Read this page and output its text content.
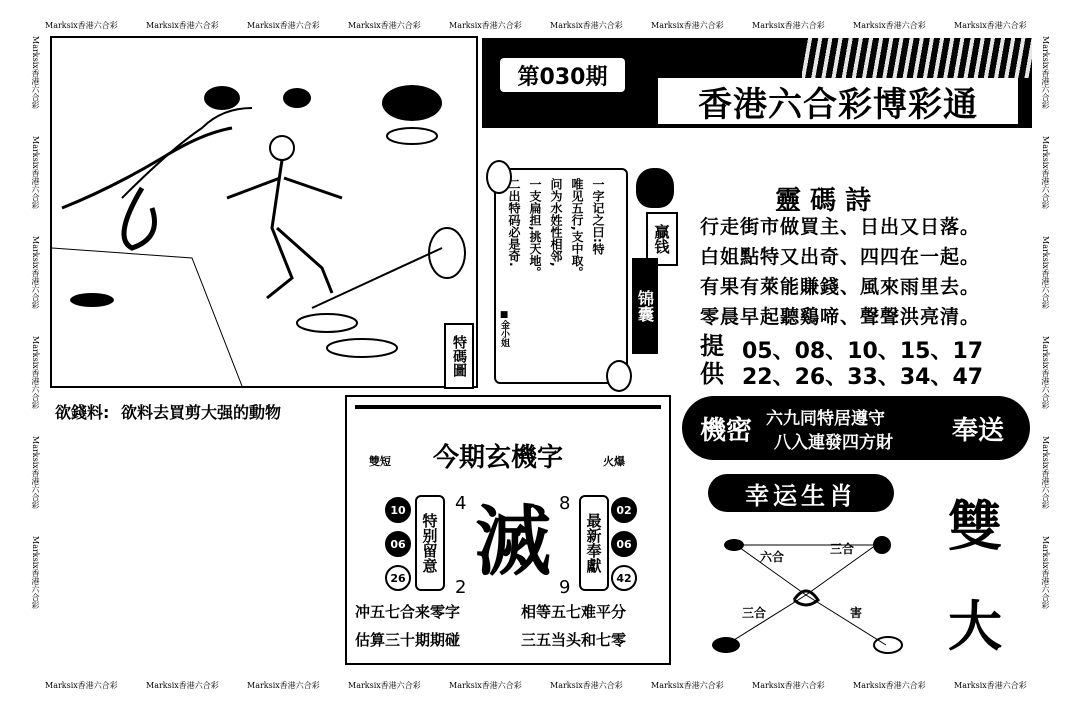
Marksix香港六合彩	Marksix香港六合彩	Marksix香港六合彩	Marksix香港六合彩	Marksix香港六合彩	Marksix香港六合彩	Marksix香港六合彩	Marksix香港六合彩	Marksix香港六合彩	Marksix香港六合彩
Marksix香港六合彩	Marksix香港六合彩	Marksix香港六合彩	Marksix香港六合彩	Marksix香港六合彩	Marksix香港六合彩	Marksix香港六合彩	Marksix香港六合彩	Marksix香港六合彩	Marksix香港六合彩
Marksix香港六合彩
Marksix香港六合彩
Marksix香港六合彩
Marksix香港六合彩
Marksix香港六合彩
Marksix香港六合彩
Marksix香港六合彩
Marksix香港六合彩
Marksix香港六合彩
Marksix香港六合彩
Marksix香港六合彩
Marksix香港六合彩
特
碼
圖
第030期
香港六合彩博彩通
欲錢料: 欲料去買剪大强的動物
一字记之曰:特
唯见五行,支中取。
问为水姓性相邻,
一支扁担,挑天地。
二出特码必是奇.
■金小姐
贏
钱
锦
囊
靈 碼 詩
行走街市做買主、日出又日落。
白姐點特又出奇、四四在一起。
有果有萊能賺錢、風來雨里去。
零晨早起聽鷄啼、聲聲洪亮清。
提
供
05、08、10、15、17
22、26、33、34、47
機密 六九同特居遵守
八入連發四方財 奉送
雙短 今期玄機字	火爆
10
06
26
特别留意
4	8
滅
2	9
最新奉獻
02
06
42
冲五七合来零字	相等五七难平分
估算三十期期碰	三五当头和七零
幸运生肖
六合
三合
三合	害
雙
大
